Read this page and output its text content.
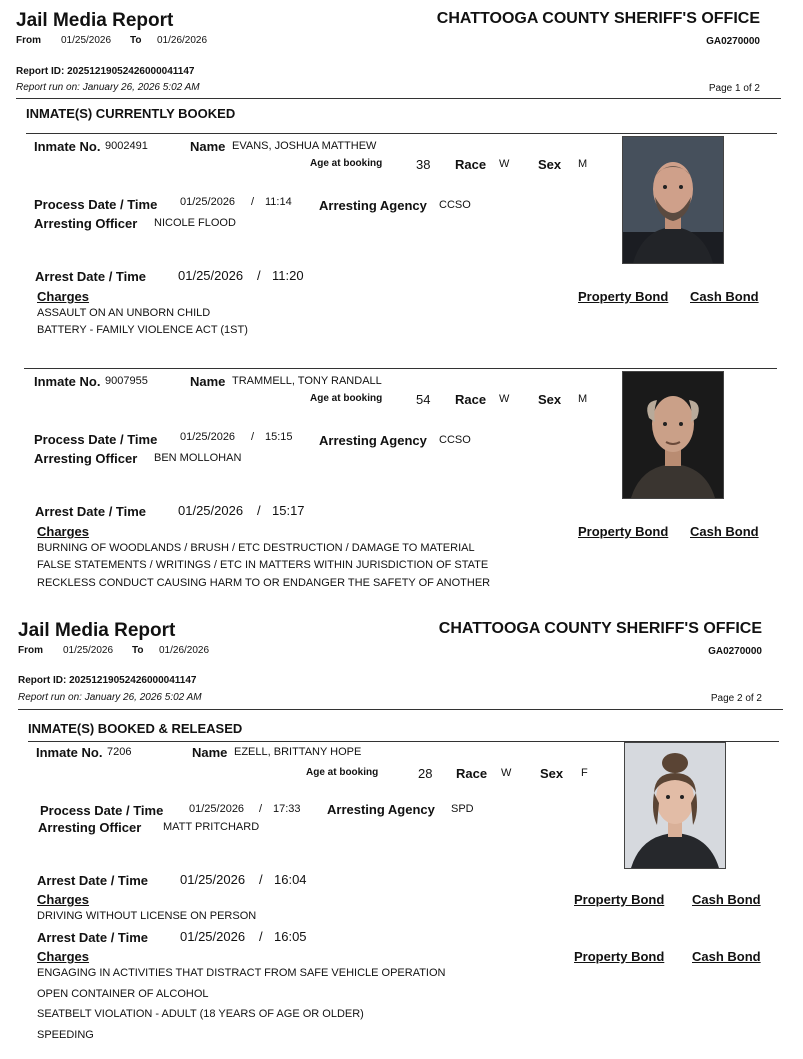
Jail Media Report	CHATTOOGA COUNTY SHERIFF'S OFFICE
From 01/25/2026 To 01/26/2026	GA0270000
Report ID: 20251219052426000041147
Report run on: January 26, 2026 5:02 AM	Page 1 of 2
INMATE(S) CURRENTLY BOOKED
Inmate No. 9002491	Name EVANS, JOSHUA MATTHEW
Age at booking	38 Race W Sex M
Process Date / Time 01/25/2026 / 11:14 Arresting Agency CCSO
Arresting Officer NICOLE FLOOD
Arrest Date / Time 01/25/2026 / 11:20
Charges	Property Bond Cash Bond
ASSAULT ON AN UNBORN CHILD
BATTERY - FAMILY VIOLENCE ACT (1ST)
Inmate No. 9007955	Name TRAMMELL, TONY RANDALL
Age at booking	54 Race W Sex M
Process Date / Time 01/25/2026 / 15:15 Arresting Agency CCSO
Arresting Officer BEN MOLLOHAN
Arrest Date / Time 01/25/2026 / 15:17
Charges	Property Bond Cash Bond
BURNING OF WOODLANDS / BRUSH / ETC DESTRUCTION / DAMAGE TO MATERIAL
FALSE STATEMENTS / WRITINGS / ETC IN MATTERS WITHIN JURISDICTION OF STATE
RECKLESS CONDUCT CAUSING HARM TO OR ENDANGER THE SAFETY OF ANOTHER
Jail Media Report	CHATTOOGA COUNTY SHERIFF'S OFFICE
From 01/25/2026 To 01/26/2026	GA0270000
Report ID: 20251219052426000041147
Report run on: January 26, 2026 5:02 AM	Page 2 of 2
INMATE(S) BOOKED & RELEASED
Inmate No. 7206	Name EZELL, BRITTANY HOPE
Age at booking	28 Race W Sex F
Process Date / Time 01/25/2026 / 17:33 Arresting Agency SPD
Arresting Officer MATT PRITCHARD
Arrest Date / Time 01/25/2026 / 16:04
Charges	Property Bond Cash Bond
DRIVING WITHOUT LICENSE ON PERSON
Arrest Date / Time 01/25/2026 / 16:05
Charges	Property Bond Cash Bond
ENGAGING IN ACTIVITIES THAT DISTRACT FROM SAFE VEHICLE OPERATION
OPEN CONTAINER OF ALCOHOL
SEATBELT VIOLATION - ADULT (18 YEARS OF AGE OR OLDER)
SPEEDING
